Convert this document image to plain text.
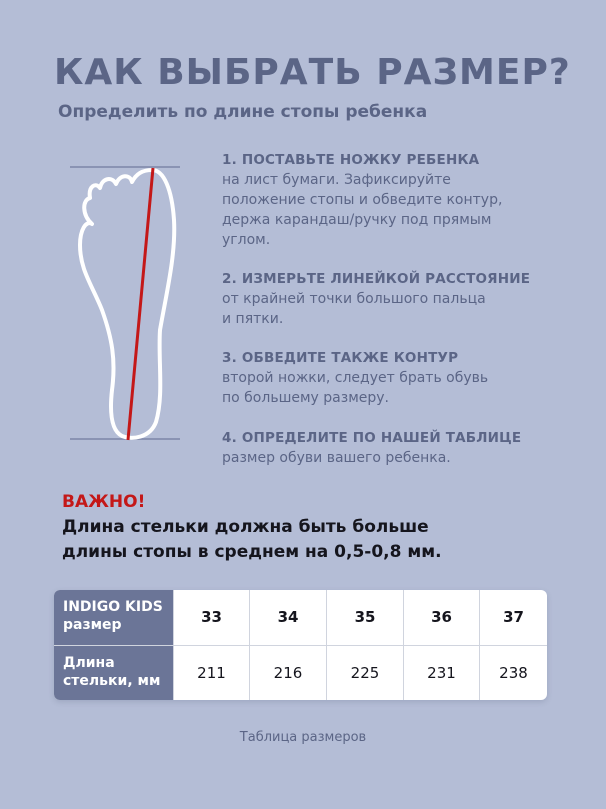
КАК ВЫБРАТЬ РАЗМЕР?
Определить по длине стопы ребенка
1. ПОСТАВЬТЕ НОЖКУ РЕБЕНКА
на лист бумаги. Зафиксируйте
положение стопы и обведите контур,
держа карандаш/ручку под прямым
углом.
2. ИЗМЕРЬТЕ ЛИНЕЙКОЙ РАССТОЯНИЕ
от крайней точки большого пальца
и пятки.
3. ОБВЕДИТЕ ТАКЖЕ КОНТУР
второй ножки, следует брать обувь
по большему размеру.
4. ОПРЕДЕЛИТЕ ПО НАШЕЙ ТАБЛИЦЕ
размер обуви вашего ребенка.
ВАЖНО!
Длина стельки должна быть больше
длины стопы в среднем на 0,5-0,8 мм.
INDIGO KIDS
размер	33	34	35	36	37
Длина
стельки, мм	211	216	225	231	238
Таблица размеров
